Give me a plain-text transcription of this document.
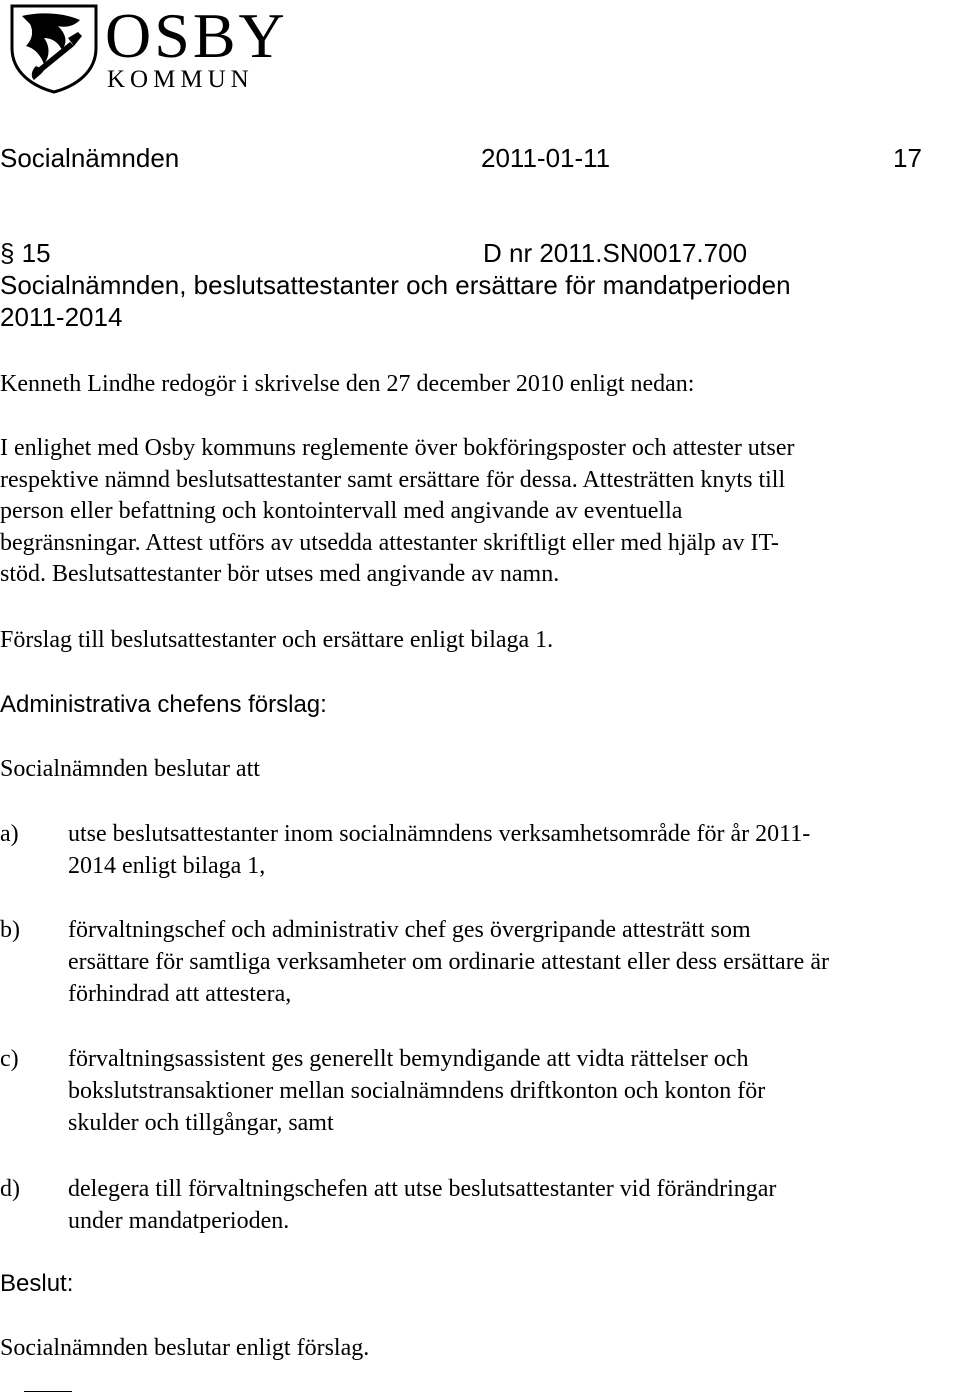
OSBY
KOMMUN
Socialnämnden	2011-01-11	17
§ 15	D nr 2011.SN0017.700
Socialnämnden, beslutsattestanter och ersättare för mandatperioden
2011-2014

Kenneth Lindhe redogör i skrivelse den 27 december 2010 enligt nedan:

I enlighet med Osby kommuns reglemente över bokföringsposter och attester utser

respektive nämnd beslutsattestanter samt ersättare för dessa. Attesträtten knyts till

person eller befattning och kontointervall med angivande av eventuella

begränsningar. Attest utförs av utsedda attestanter skriftligt eller med hjälp av IT-

stöd. Beslutsattestanter bör utses med angivande av namn.

Förslag till beslutsattestanter och ersättare enligt bilaga 1.

Administrativa chefens förslag:

Socialnämnden beslutar att

a) utse beslutsattestanter inom socialnämndens verksamhetsområde för år 2011-
2014 enligt bilaga 1,
b) förvaltningschef och administrativ chef ges övergripande attesträtt som
ersättare för samtliga verksamheter om ordinarie attestant eller dess ersättare är
förhindrad att attestera,
c) förvaltningsassistent ges generellt bemyndigande att vidta rättelser och
bokslutstransaktioner mellan socialnämndens driftkonton och konton för
skulder och tillgångar, samt
d) delegera till förvaltningschefen att utse beslutsattestanter vid förändringar
under mandatperioden.
Beslut:

Socialnämnden beslutar enligt förslag.
